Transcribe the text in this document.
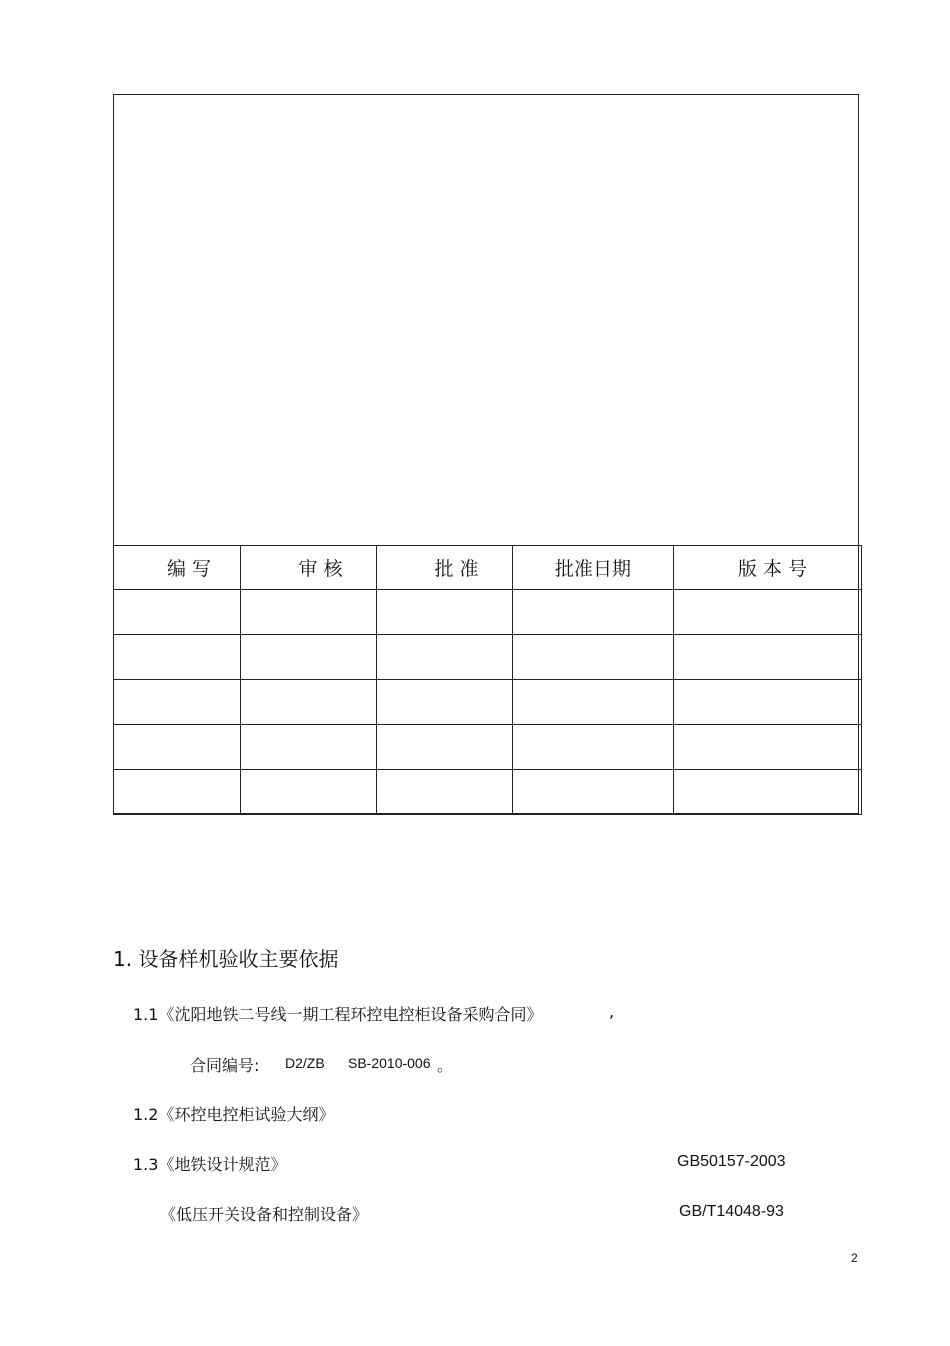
编 写	审 核	批 准	批准日期	版 本 号

1. 设备样机验收主要依据
1.1《沈阳地铁二号线一期工程环控电控柜设备采购合同》	,
合同编号: D2/ZB SB-2010-006 。
1.2《环控电控柜试验大纲》
1.3《地铁设计规范》	GB50157-2003
《低压开关设备和控制设备》	GB/T14048-93
2
